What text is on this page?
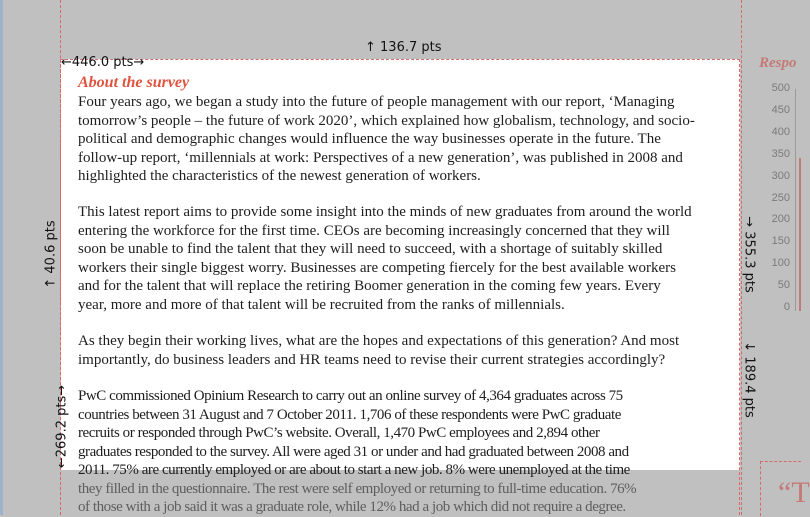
About the survey
Four years ago, we began a study into the future of people management with our report, ‘Managing
tomorrow’s people – the future of work 2020’, which explained how globalism, technology, and socio-
political and demographic changes would influence the way businesses operate in the future. The
follow-up report, ‘millennials at work: Perspectives of a new generation’, was published in 2008 and
highlighted the characteristics of the newest generation of workers.
This latest report aims to provide some insight into the minds of new graduates from around the world
entering the workforce for the first time. CEOs are becoming increasingly concerned that they will
soon be unable to find the talent that they will need to succeed, with a shortage of suitably skilled
workers their single biggest worry. Businesses are competing fiercely for the best available workers
and for the talent that will replace the retiring Boomer generation in the coming few years. Every
year, more and more of that talent will be recruited from the ranks of millennials.
As they begin their working lives, what are the hopes and expectations of this generation? And most
importantly, do business leaders and HR teams need to revise their current strategies accordingly?
PwC commissioned Opinium Research to carry out an online survey of 4,364 graduates across 75
countries between 31 August and 7 October 2011. 1,706 of these respondents were PwC graduate
recruits or responded through PwC’s website. Overall, 1,470 PwC employees and 2,894 other
graduates responded to the survey. All were aged 31 or under and had graduated between 2008 and
2011. 75% are currently employed or are about to start a new job. 8% were unemployed at the time
they filled in the questionnaire. The rest were self employed or returning to full-time education. 76%
of those with a job said it was a graduate role, while 12% had a job which did not require a degree.
Respo
500
450
400
350
300
250
200
150
100
50
0
“T
↑ 136.7 pts
←446.0 pts→
↑ 40.6 pts	→ 355.3 pts
←269.2 pts→
↓ 189.4 pts
